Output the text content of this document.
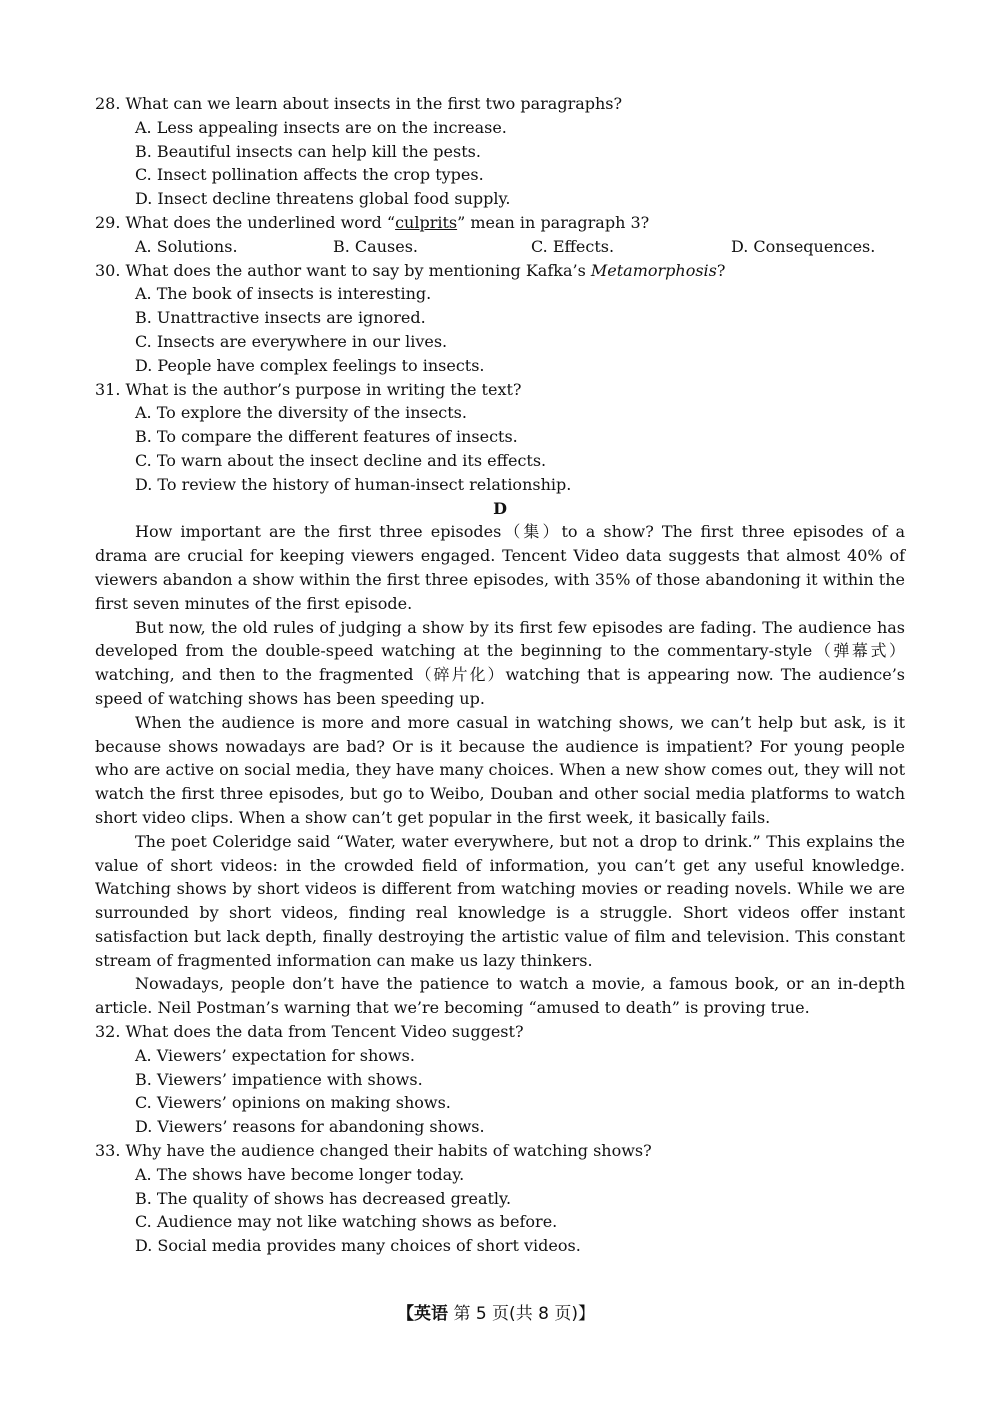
28. What can we learn about insects in the first two paragraphs?
A. Less appealing insects are on the increase.
B. Beautiful insects can help kill the pests.
C. Insect pollination affects the crop types.
D. Insect decline threatens global food supply.
29. What does the underlined word “culprits” mean in paragraph 3?
A. Solutions.	B. Causes.	C. Effects.	D. Consequences.
30. What does the author want to say by mentioning Kafka’s Metamorphosis?
A. The book of insects is interesting.
B. Unattractive insects are ignored.
C. Insects are everywhere in our lives.
D. People have complex feelings to insects.
31. What is the author’s purpose in writing the text?
A. To explore the diversity of the insects.
B. To compare the different features of insects.
C. To warn about the insect decline and its effects.
D. To review the history of human-insect relationship.
D

How important are the first three episodes（集）to a show? The first three episodes of a drama are crucial for keeping viewers engaged. Tencent Video data suggests that almost 40% of viewers abandon a show within the first three episodes, with 35% of those abandoning it within the first seven minutes of the first episode.

But now, the old rules of judging a show by its first few episodes are fading. The audience has developed from the double-speed watching at the beginning to the commentary-style（弹幕式）watching, and then to the fragmented（碎片化）watching that is appearing now. The audience’s speed of watching shows has been speeding up.

When the audience is more and more casual in watching shows, we can’t help but ask, is it because shows nowadays are bad? Or is it because the audience is impatient? For young people who are active on social media, they have many choices. When a new show comes out, they will not watch the first three episodes, but go to Weibo, Douban and other social media platforms to watch short video clips. When a show can’t get popular in the first week, it basically fails.

The poet Coleridge said “Water, water everywhere, but not a drop to drink.” This explains the value of short videos: in the crowded field of information, you can’t get any useful knowledge. Watching shows by short videos is different from watching movies or reading novels. While we are surrounded by short videos, finding real knowledge is a struggle. Short videos offer instant satisfaction but lack depth, finally destroying the artistic value of film and television. This constant stream of fragmented information can make us lazy thinkers.

Nowadays, people don’t have the patience to watch a movie, a famous book, or an in-depth article. Neil Postman’s warning that we’re becoming “amused to death” is proving true.

32. What does the data from Tencent Video suggest?
A. Viewers’ expectation for shows.
B. Viewers’ impatience with shows.
C. Viewers’ opinions on making shows.
D. Viewers’ reasons for abandoning shows.
33. Why have the audience changed their habits of watching shows?
A. The shows have become longer today.
B. The quality of shows has decreased greatly.
C. Audience may not like watching shows as before.
D. Social media provides many choices of short videos.
【英语 第 5 页(共 8 页)】
